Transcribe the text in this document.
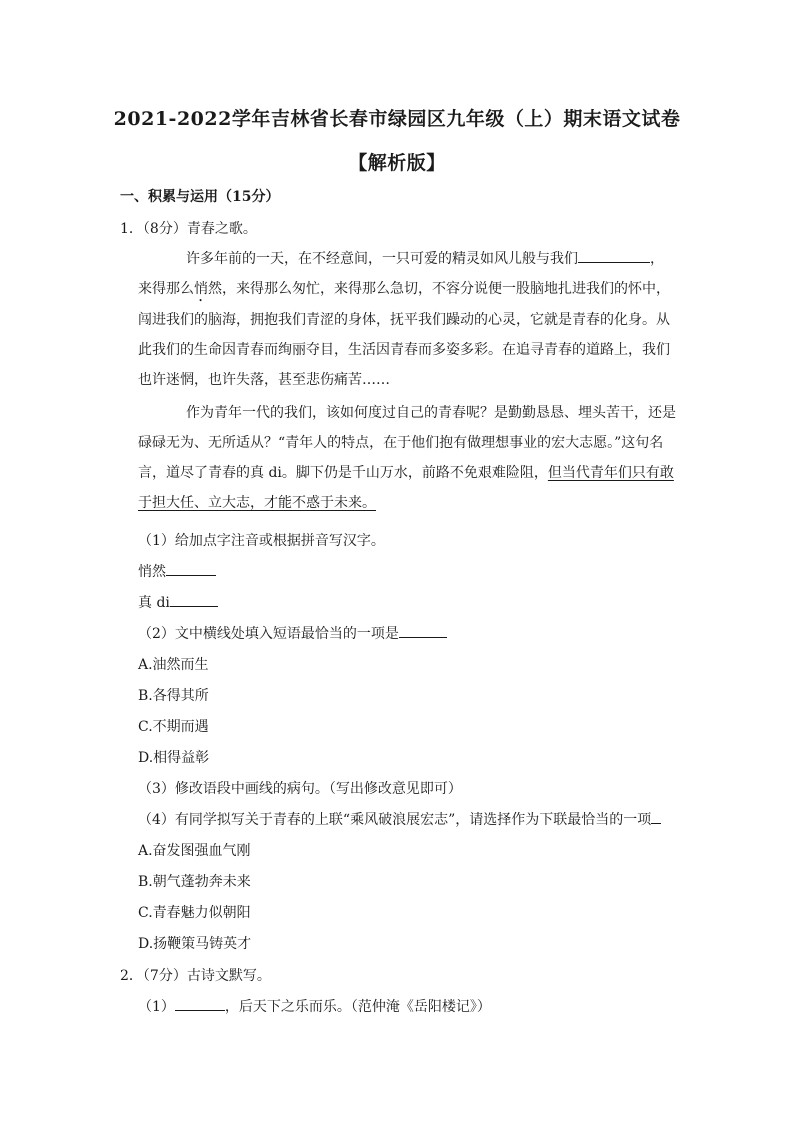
2021-2022学年吉林省长春市绿园区九年级（上）期末语文试卷
【解析版】
一、积累与运用（15分）
1．（8分）青春之歌。
许多年前的一天，在不经意间，一只可爱的精灵如风儿般与我们	，来得那么悄然，来得那么匆忙，来得那么急切，不容分说便一股脑地扎进我们的怀中，闯进我们的脑海，拥抱我们青涩的身体，抚平我们躁动的心灵，它就是青春的化身。从此我们的生命因青春而绚丽夺目，生活因青春而多姿多彩。在追寻青春的道路上，我们也许迷惘，也许失落，甚至悲伤痛苦……
作为青年一代的我们，该如何度过自己的青春呢？是勤勤恳恳、埋头苦干，还是碌碌无为、无所适从？“青年人的特点，在于他们抱有做理想事业的宏大志愿。”这句名言，道尽了青春的真 di。脚下仍是千山万水，前路不免艰难险阻，但当代青年们只有敢于担大任、立大志，才能不惑于未来。
（1）给加点字注音或根据拼音写汉字。
悄然
真 di
（2）文中横线处填入短语最恰当的一项是
A.油然而生
B.各得其所
C.不期而遇
D.相得益彰
（3）修改语段中画线的病句。（写出修改意见即可）
（4）有同学拟写关于青春的上联“乘风破浪展宏志”，请选择作为下联最恰当的一项
A.奋发图强血气刚
B.朝气蓬勃奔未来
C.青春魅力似朝阳
D.扬鞭策马铸英才
2．（7分）古诗文默写。
（1）	，后天下之乐而乐。（范仲淹《岳阳楼记》）
